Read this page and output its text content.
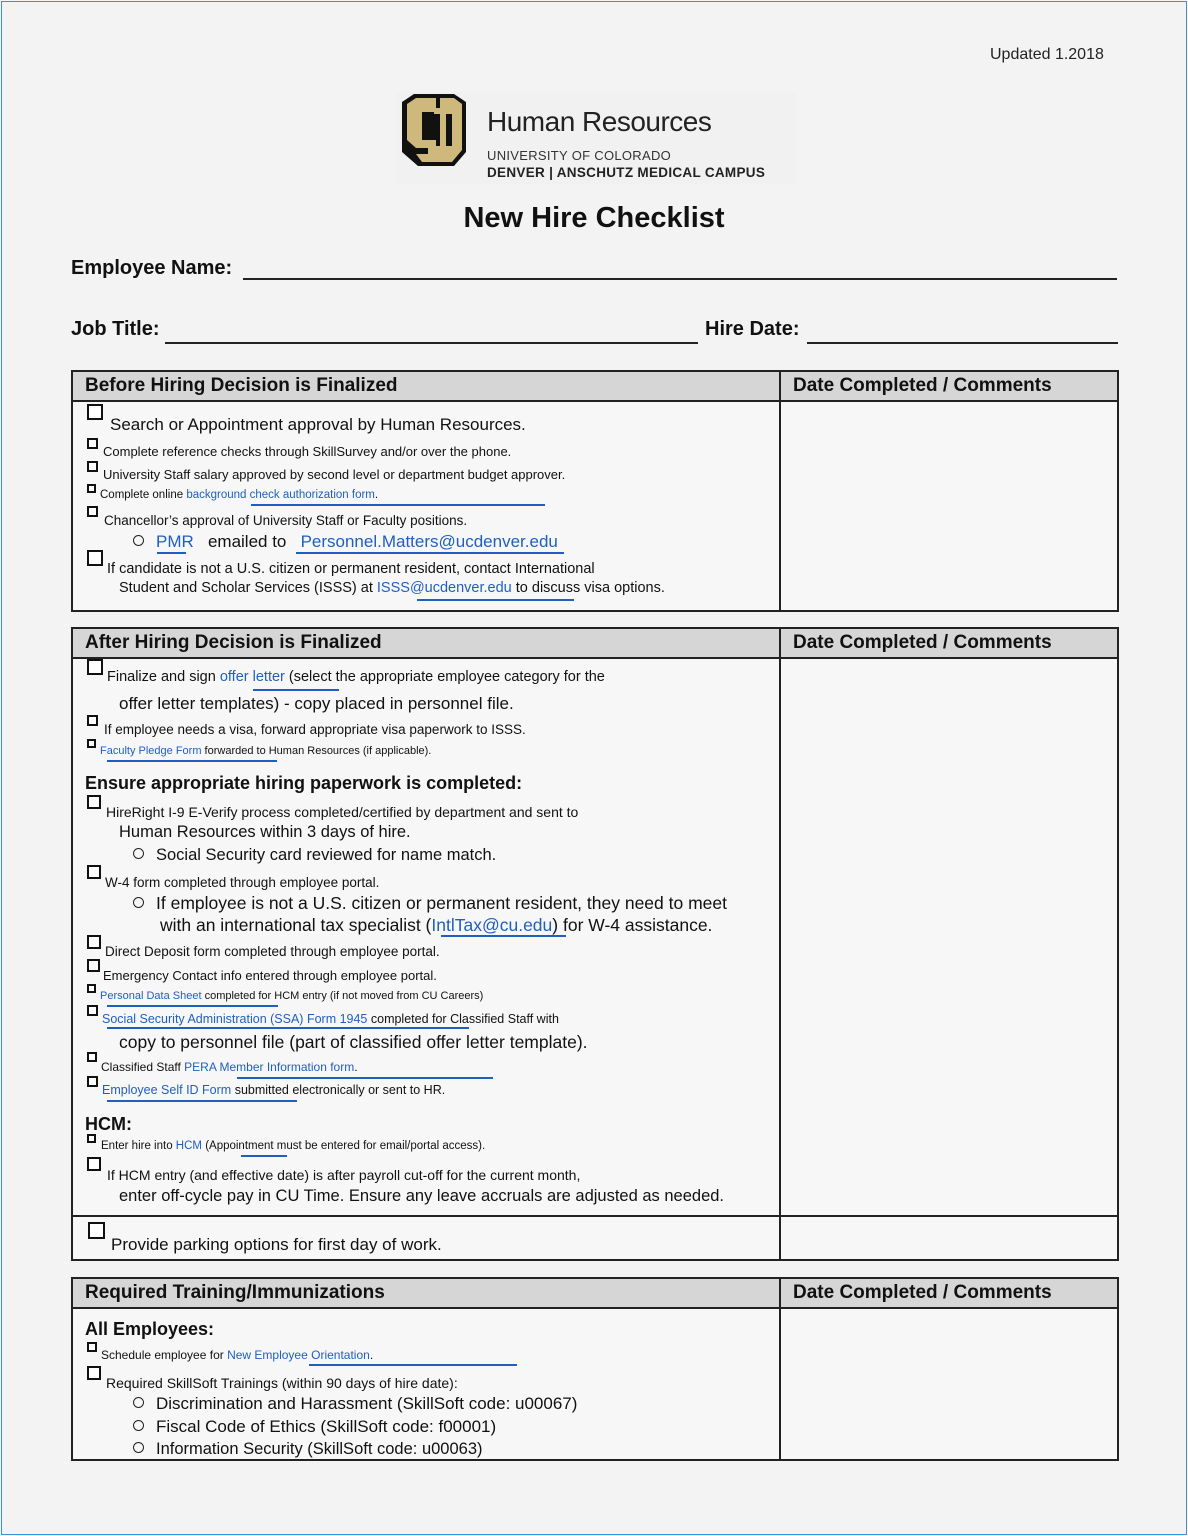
Updated 1.2018
Human Resources
UNIVERSITY OF COLORADO
DENVER | ANSCHUTZ MEDICAL CAMPUS
New Hire Checklist
Employee Name:
Job Title:	Hire Date:
Before Hiring Decision is Finalized	Date Completed / Comments

Search or Appointment approval by Human Resources.
Complete reference checks through SkillSurvey and/or over the phone.
University Staff salary approved by second level or department budget approver.
Complete online background check authorization form.
Chancellor’s approval of University Staff or Faculty positions.
PMR emailed to Personnel.Matters@ucdenver.edu
If candidate is not a U.S. citizen or permanent resident, contact International
Student and Scholar Services (ISSS) at ISSS@ucdenver.edu to discuss visa options.

After Hiring Decision is Finalized	Date Completed / Comments

Finalize and sign offer letter (select the appropriate employee category for the
offer letter templates) - copy placed in personnel file.
If employee needs a visa, forward appropriate visa paperwork to ISSS.
Faculty Pledge Form forwarded to Human Resources (if applicable).
Ensure appropriate hiring paperwork is completed:
HireRight I-9 E-Verify process completed/certified by department and sent to
Human Resources within 3 days of hire.
Social Security card reviewed for name match.
W-4 form completed through employee portal.
If employee is not a U.S. citizen or permanent resident, they need to meet
with an international tax specialist (IntlTax@cu.edu) for W-4 assistance.
Direct Deposit form completed through employee portal.
Emergency Contact info entered through employee portal.
Personal Data Sheet completed for HCM entry (if not moved from CU Careers)
Social Security Administration (SSA) Form 1945 completed for Classified Staff with
copy to personnel file (part of classified offer letter template).
Classified Staff PERA Member Information form.
Employee Self ID Form submitted electronically or sent to HR.
HCM:
Enter hire into HCM (Appointment must be entered for email/portal access).
If HCM entry (and effective date) is after payroll cut-off for the current month,
enter off-cycle pay in CU Time. Ensure any leave accruals are adjusted as needed.

Provide parking options for first day of work.	

Required Training/Immunizations	Date Completed / Comments

All Employees:
Schedule employee for New Employee Orientation.
Required SkillSoft Trainings (within 90 days of hire date):
Discrimination and Harassment (SkillSoft code: u00067)
Fiscal Code of Ethics (SkillSoft code: f00001)
Information Security (SkillSoft code: u00063)
